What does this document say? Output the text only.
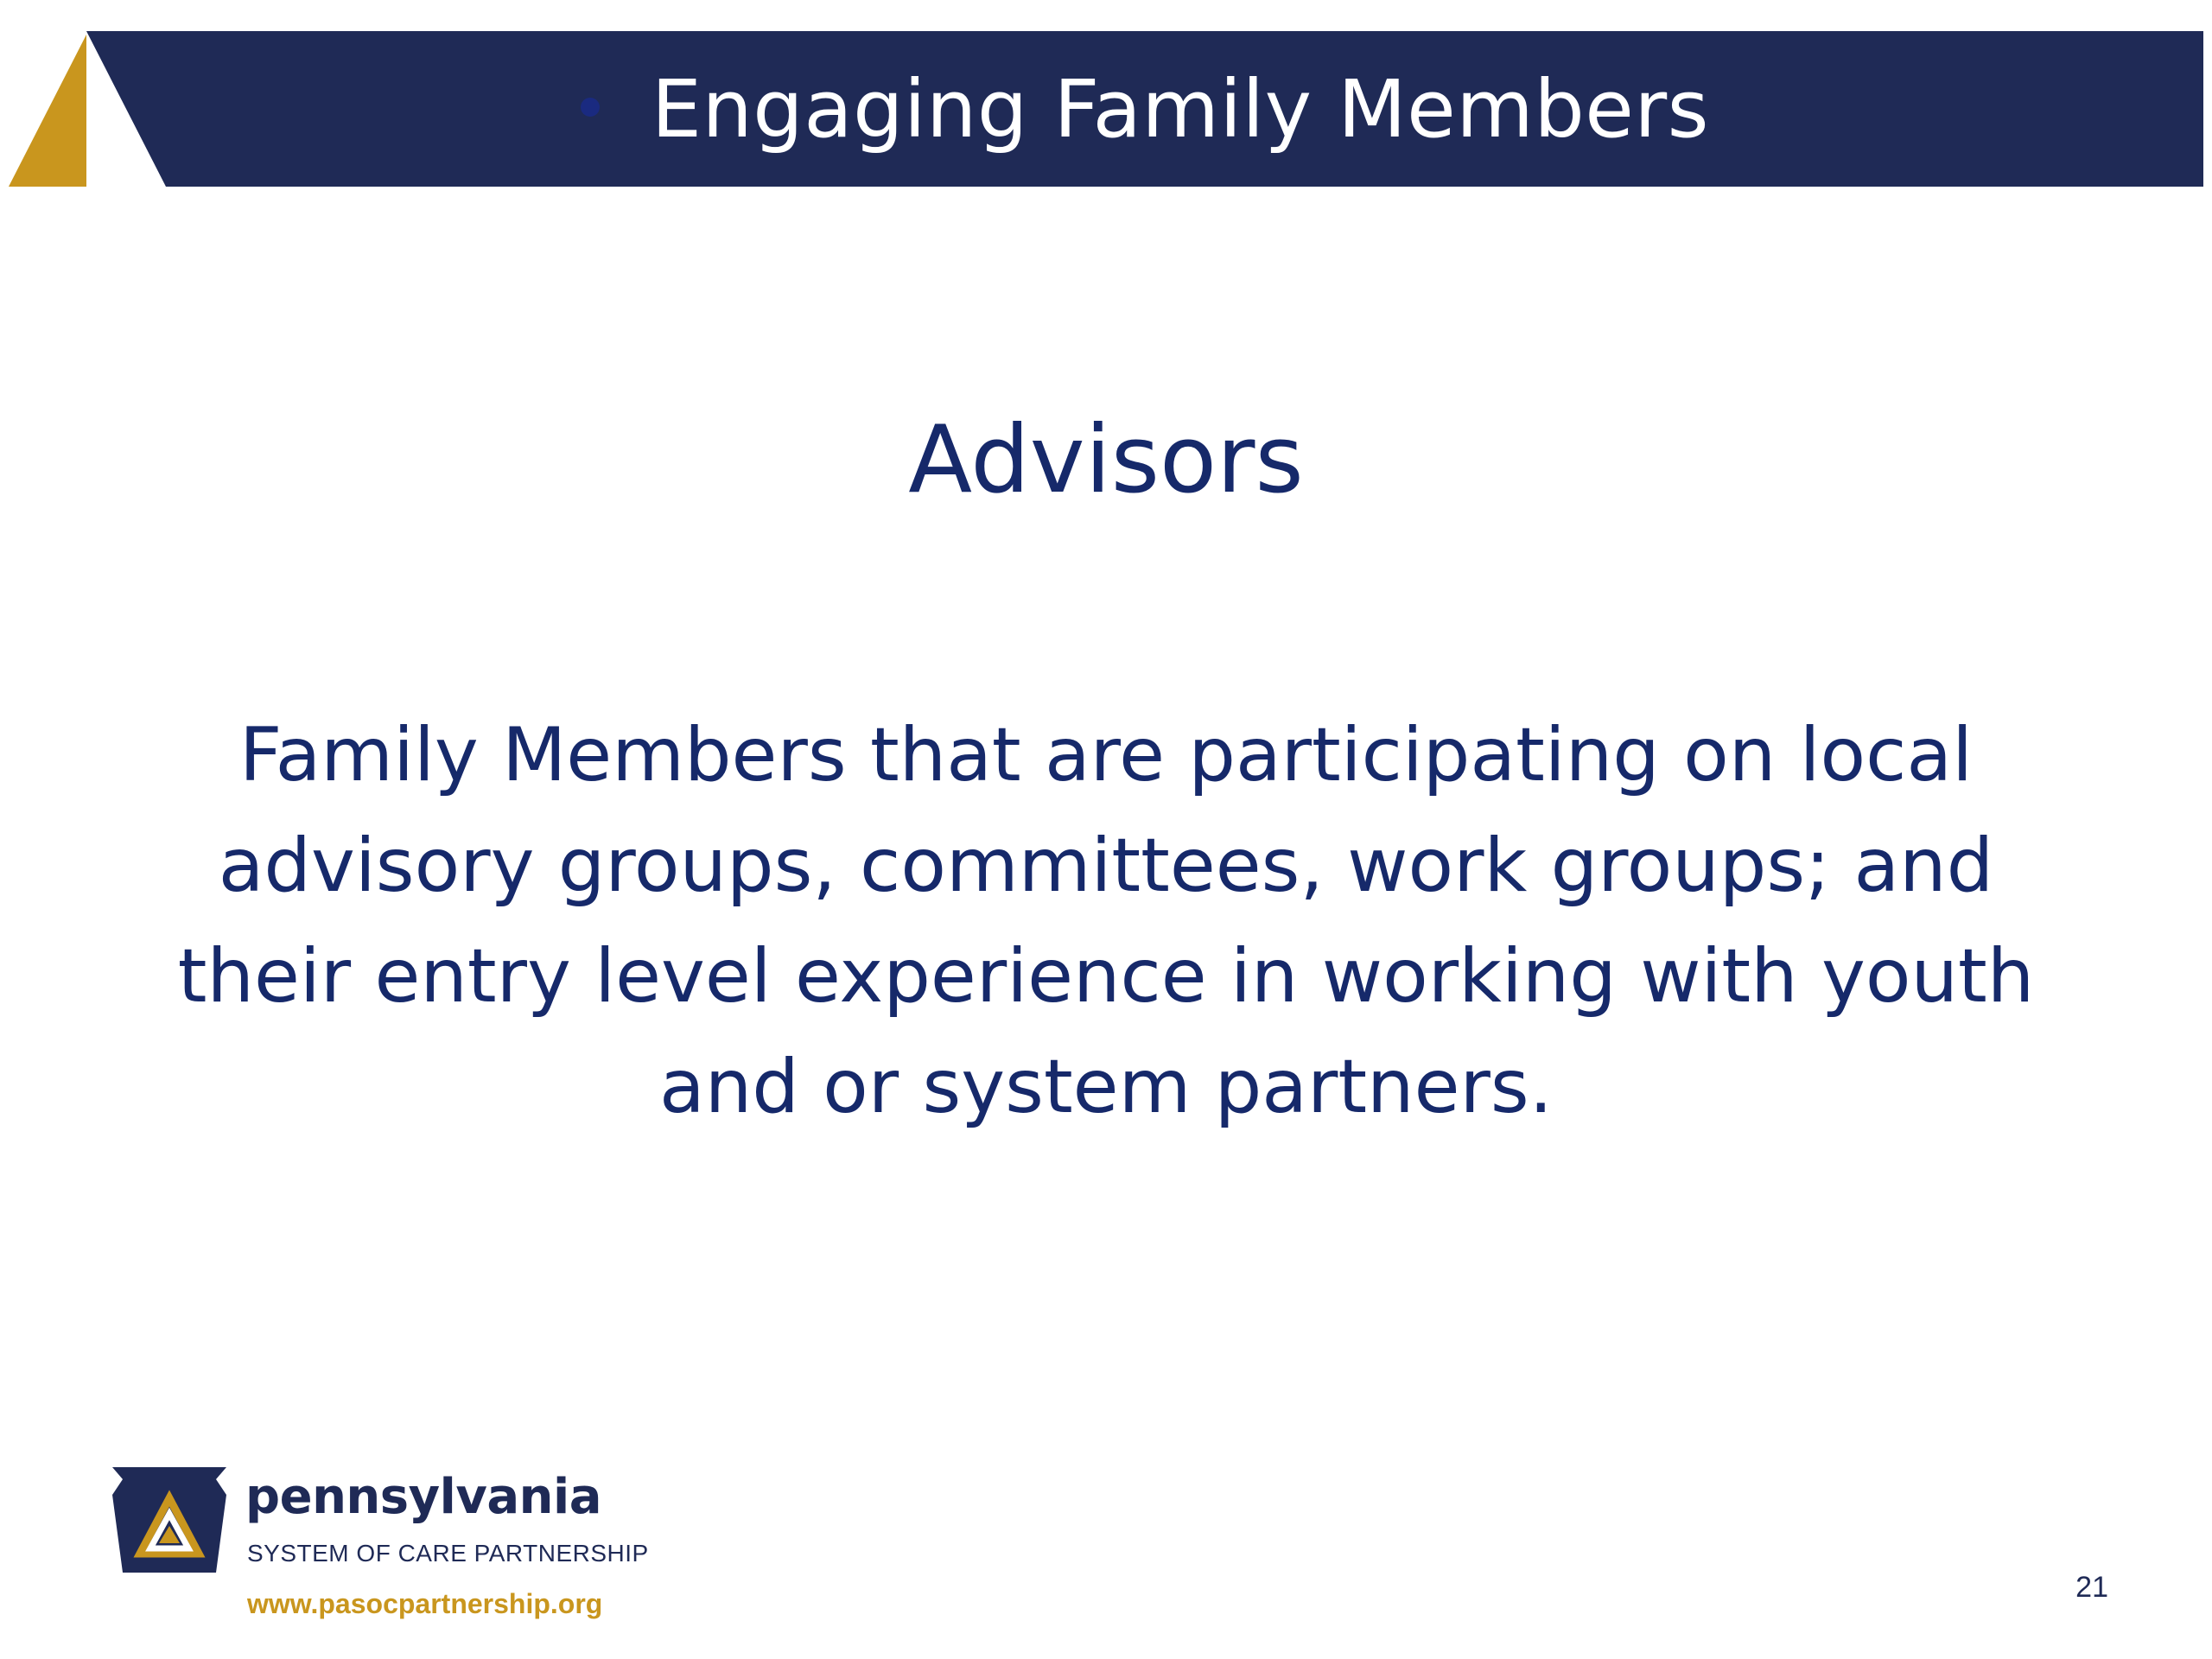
Engaging Family Members
Advisors
Family Members that are participating on local advisory groups, committees, work groups; and their entry level experience in working with youth and or system partners.
pennsylvania
SYSTEM OF CARE PARTNERSHIP
www.pasocpartnership.org	21
